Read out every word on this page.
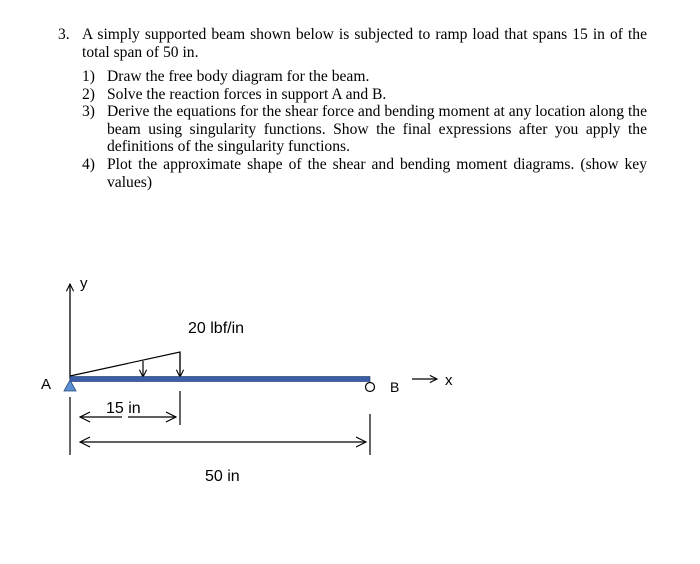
3. A simply supported beam shown below is subjected to ramp load that spans 15 in of the total span of 50 in.
1) Draw the free body diagram for the beam.
2) Solve the reaction forces in support A and B.
3) Derive the equations for the shear force and bending moment at any location along the beam using singularity functions. Show the final expressions after you apply the definitions of the singularity functions.
4) Plot the approximate shape of the shear and bending moment diagrams. (show key values)
y
x
20 lbf/in
A	B
15 in
50 in
